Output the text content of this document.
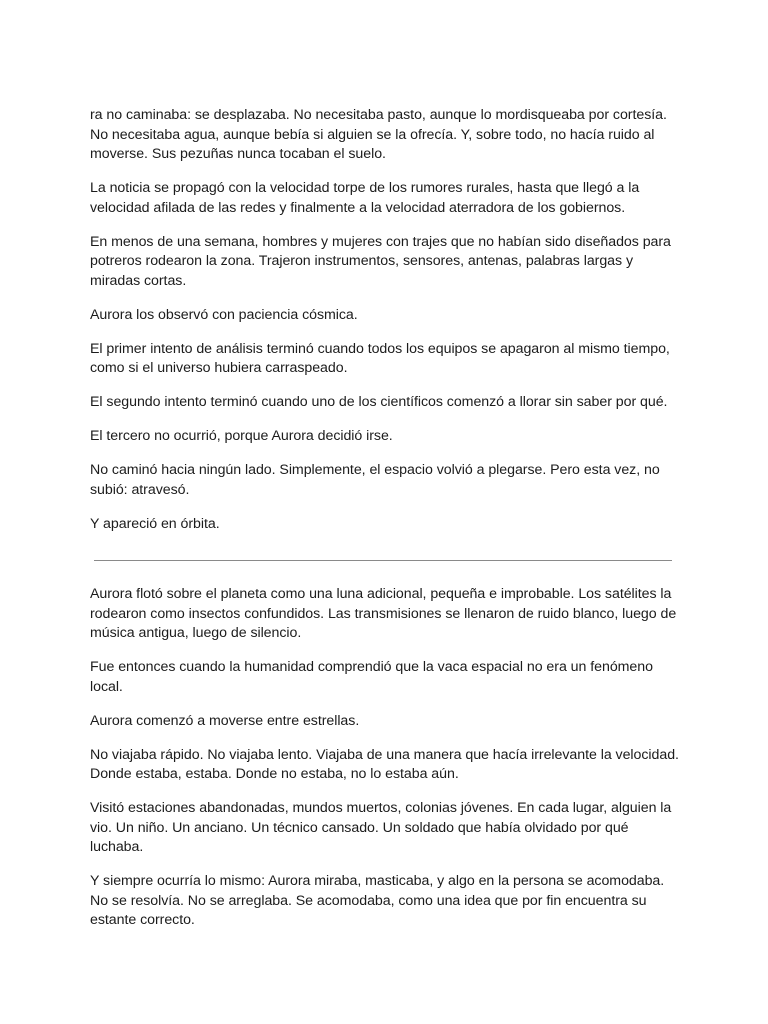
ra no caminaba: se desplazaba. No necesitaba pasto, aunque lo mordisqueaba por cortesía. No necesitaba agua, aunque bebía si alguien se la ofrecía. Y, sobre todo, no hacía ruido al moverse. Sus pezuñas nunca tocaban el suelo.

La noticia se propagó con la velocidad torpe de los rumores rurales, hasta que llegó a la velocidad afilada de las redes y finalmente a la velocidad aterradora de los gobiernos.

En menos de una semana, hombres y mujeres con trajes que no habían sido diseñados para potreros rodearon la zona. Trajeron instrumentos, sensores, antenas, palabras largas y miradas cortas.

Aurora los observó con paciencia cósmica.

El primer intento de análisis terminó cuando todos los equipos se apagaron al mismo tiempo, como si el universo hubiera carraspeado.

El segundo intento terminó cuando uno de los científicos comenzó a llorar sin saber por qué.

El tercero no ocurrió, porque Aurora decidió irse.

No caminó hacia ningún lado. Simplemente, el espacio volvió a plegarse. Pero esta vez, no subió: atravesó.

Y apareció en órbita.

Aurora flotó sobre el planeta como una luna adicional, pequeña e improbable. Los satélites la rodearon como insectos confundidos. Las transmisiones se llenaron de ruido blanco, luego de música antigua, luego de silencio.

Fue entonces cuando la humanidad comprendió que la vaca espacial no era un fenómeno local.

Aurora comenzó a moverse entre estrellas.

No viajaba rápido. No viajaba lento. Viajaba de una manera que hacía irrelevante la velocidad. Donde estaba, estaba. Donde no estaba, no lo estaba aún.

Visitó estaciones abandonadas, mundos muertos, colonias jóvenes. En cada lugar, alguien la vio. Un niño. Un anciano. Un técnico cansado. Un soldado que había olvidado por qué luchaba.

Y siempre ocurría lo mismo: Aurora miraba, masticaba, y algo en la persona se acomodaba. No se resolvía. No se arreglaba. Se acomodaba, como una idea que por fin encuentra su estante correcto.
